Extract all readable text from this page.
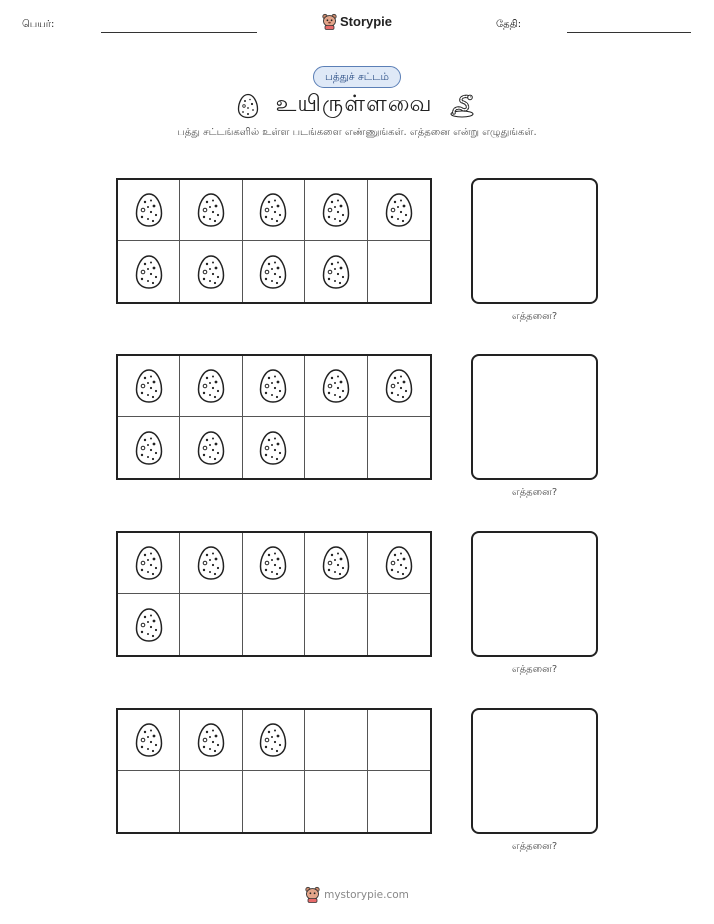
பெயர்:	Storypie	தேதி:
பத்துச் சட்டம்
உயிருள்ளவை
பத்து சட்டங்களில் உள்ள படங்களை எண்ணுங்கள். எத்தனை என்று எழுதுங்கள்.
எத்தனை?
எத்தனை?
எத்தனை?
எத்தனை?
mystorypie.com
